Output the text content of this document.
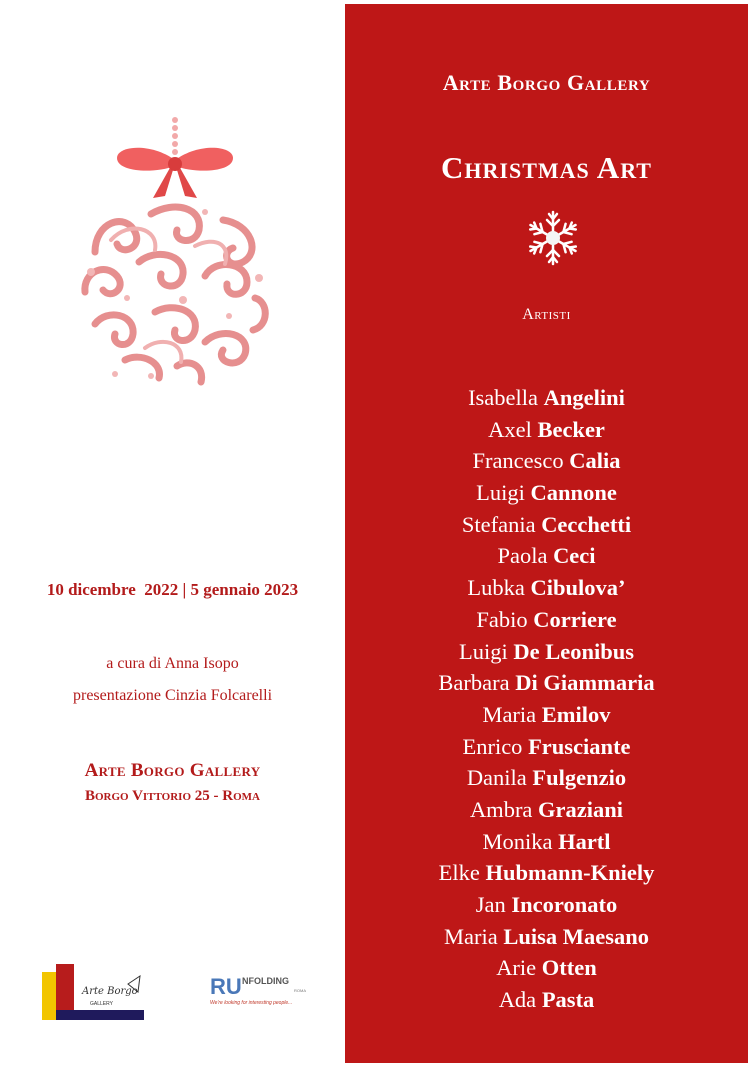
10 dicembre  2022 | 5 gennaio 2023
a cura di Anna Isopo
presentazione Cinzia Folcarelli
Arte Borgo Gallery
Borgo Vittorio 25 - Roma
Arte Borgo
GALLERY
RU NFOLDING
ROMA
We're looking for interesting people...
Arte Borgo Gallery
Christmas Art
Artisti
Isabella Angelini
Axel Becker
Francesco Calia
Luigi Cannone
Stefania Cecchetti
Paola Ceci
Lubka Cibulova’
Fabio Corriere
Luigi De Leonibus
Barbara Di Giammaria
Maria Emilov
Enrico Frusciante
Danila Fulgenzio
Ambra Graziani
Monika Hartl
Elke Hubmann-Kniely
Jan Incoronato
Maria Luisa Maesano
Arie Otten
Ada Pasta
